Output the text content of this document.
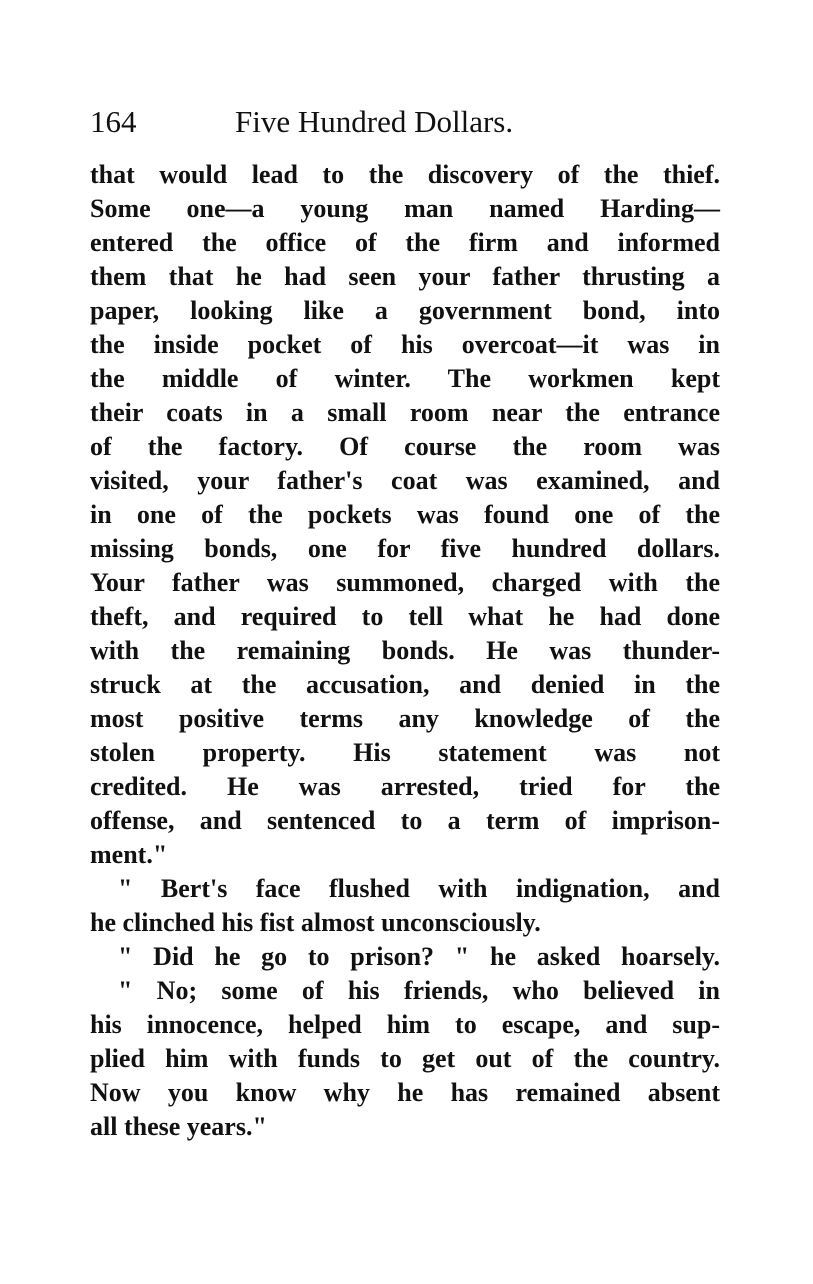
164	Five Hundred Dollars.
that would lead to the discovery of the thief.
Some one—a young man named Harding—
entered the office of the firm and informed
them that he had seen your father thrusting a
paper, looking like a government bond, into
the inside pocket of his overcoat—it was in
the middle of winter. The workmen kept
their coats in a small room near the entrance
of the factory. Of course the room was
visited, your father's coat was examined, and
in one of the pockets was found one of the
missing bonds, one for five hundred dollars.
Your father was summoned, charged with the
theft, and required to tell what he had done
with the remaining bonds. He was thunder-
struck at the accusation, and denied in the
most positive terms any knowledge of the
stolen property. His statement was not
credited. He was arrested, tried for the
offense, and sentenced to a term of imprison-
ment."
" Bert's face flushed with indignation, and
he clinched his fist almost unconsciously.
" Did he go to prison? " he asked hoarsely.
" No; some of his friends, who believed in
his innocence, helped him to escape, and sup-
plied him with funds to get out of the country.
Now you know why he has remained absent
all these years."
